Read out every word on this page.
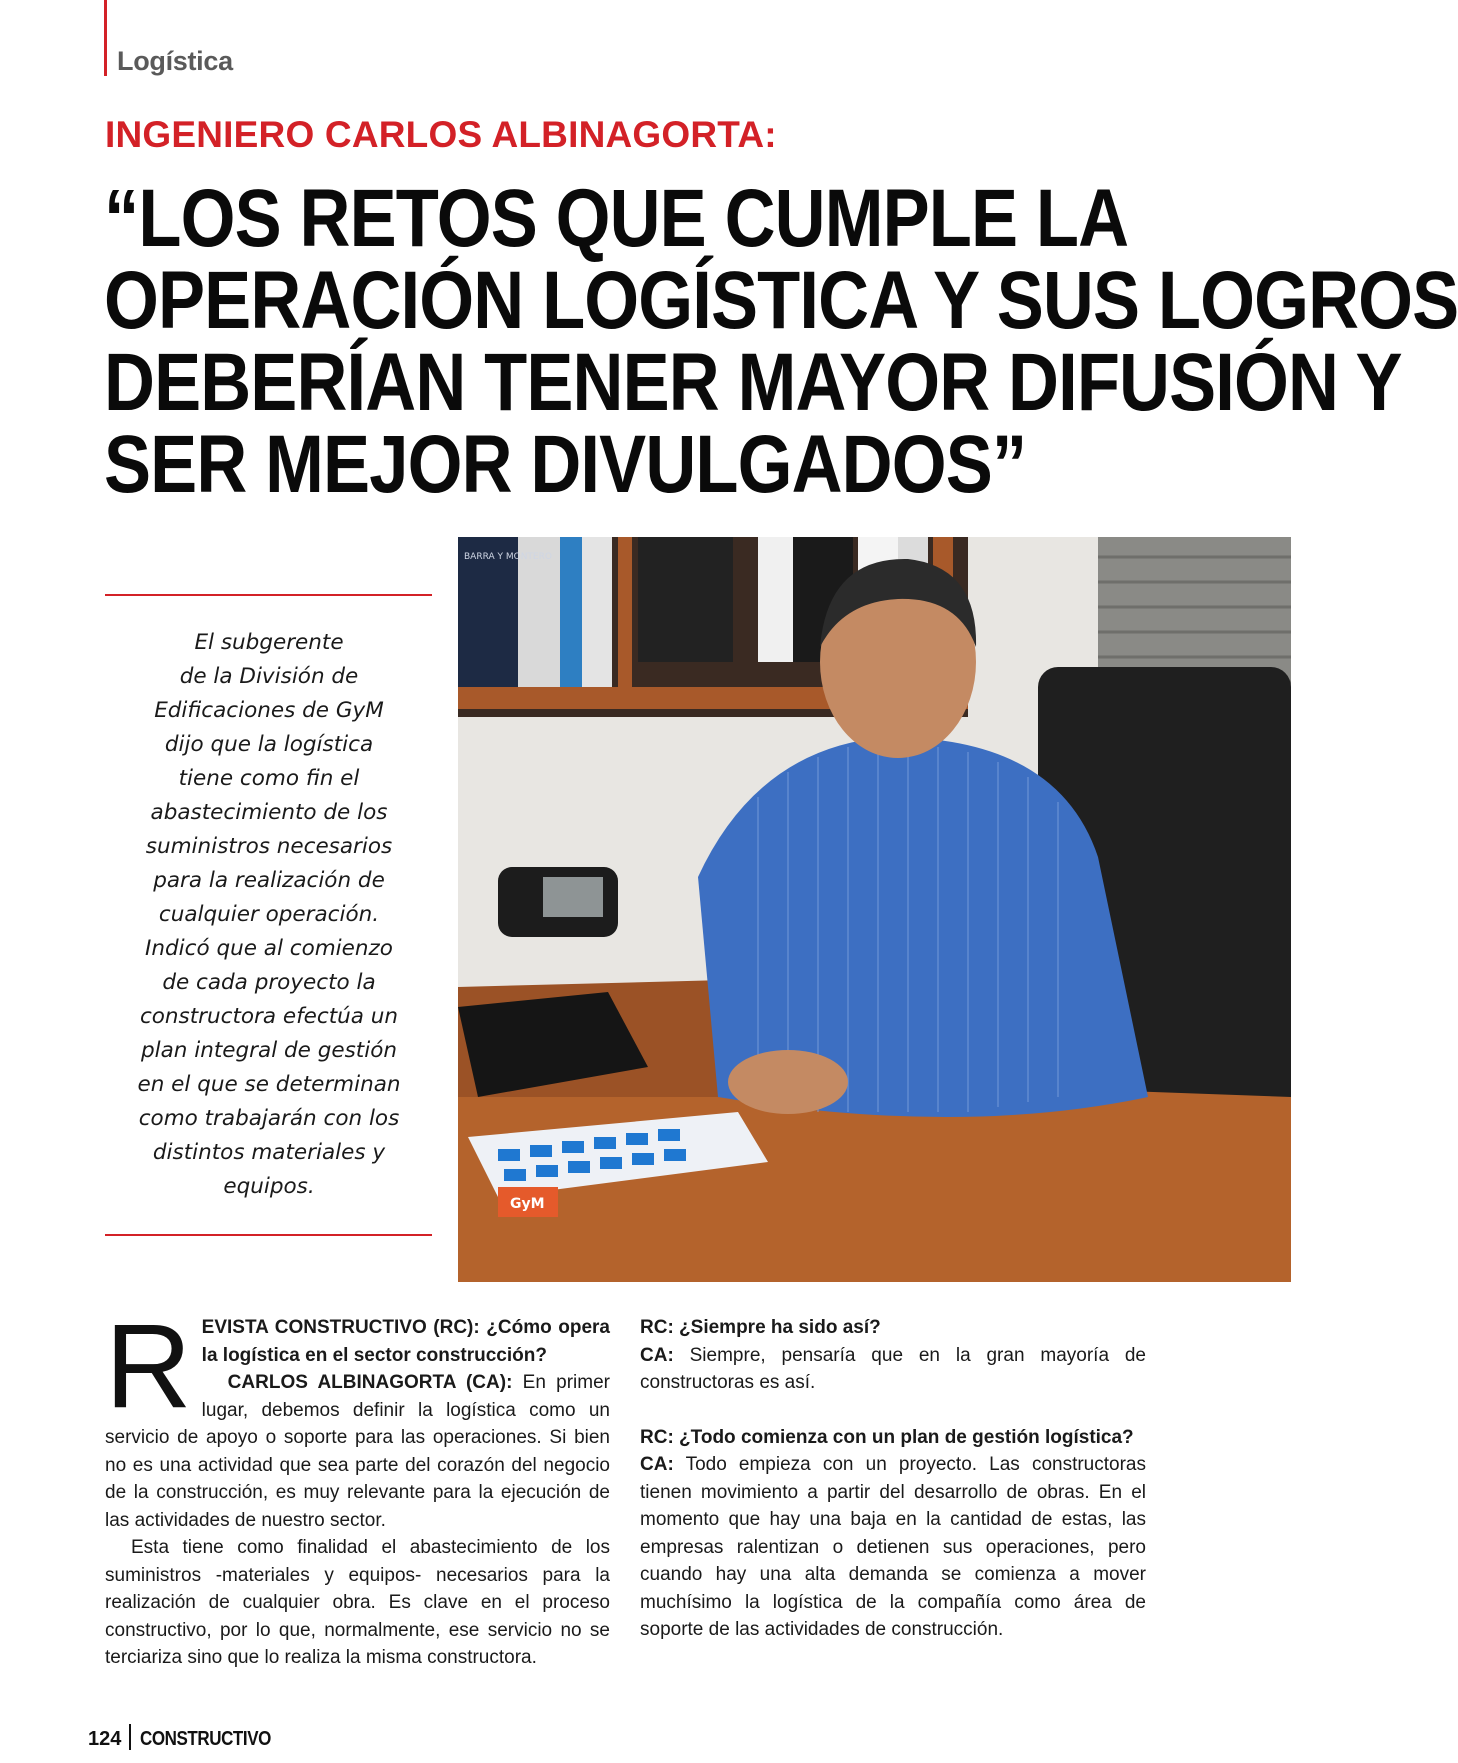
Logística
INGENIERO CARLOS ALBINAGORTA:
“LOS RETOS QUE CUMPLE LA
OPERACIÓN LOGÍSTICA Y SUS LOGROS
DEBERÍAN TENER MAYOR DIFUSIÓN Y
SER MEJOR DIVULGADOS”
El subgerente
de la División de
Edificaciones de GyM
dijo que la logística
tiene como fin el
abastecimiento de los
suministros necesarios
para la realización de
cualquier operación.
Indicó que al comienzo
de cada proyecto la
constructora efectúa un
plan integral de gestión
en el que se determinan
como trabajarán con los
distintos materiales y
equipos.
BARRA Y MONTERO
GyM
R EVISTA CONSTRUCTIVO (RC): ¿Cómo opera la logística en el sector construcción?
CARLOS ALBINAGORTA (CA): En primer lugar, debemos definir la logística como un servicio de apoyo o soporte para las operaciones. Si bien no es una actividad que sea parte del corazón del negocio de la construcción, es muy relevante para la ejecución de las actividades de nuestro sector.

Esta tiene como finalidad el abastecimiento de los suministros -materiales y equipos- necesarios para la realización de cualquier obra. Es clave en el proceso constructivo, por lo que, normalmente, ese servicio no se terciariza sino que lo realiza la misma constructora.

RC: ¿Siempre ha sido así?

CA: Siempre, pensaría que en la gran mayoría de constructoras es así.

RC: ¿Todo comienza con un plan de gestión logística?

CA: Todo empieza con un proyecto. Las constructoras tienen movimiento a partir del desarrollo de obras. En el momento que hay una baja en la cantidad de estas, las empresas ralentizan o detienen sus operaciones, pero cuando hay una alta demanda se comienza a mover muchísimo la logística de la compañía como área de soporte de las actividades de construcción.

124 CONSTRUCTIVO
